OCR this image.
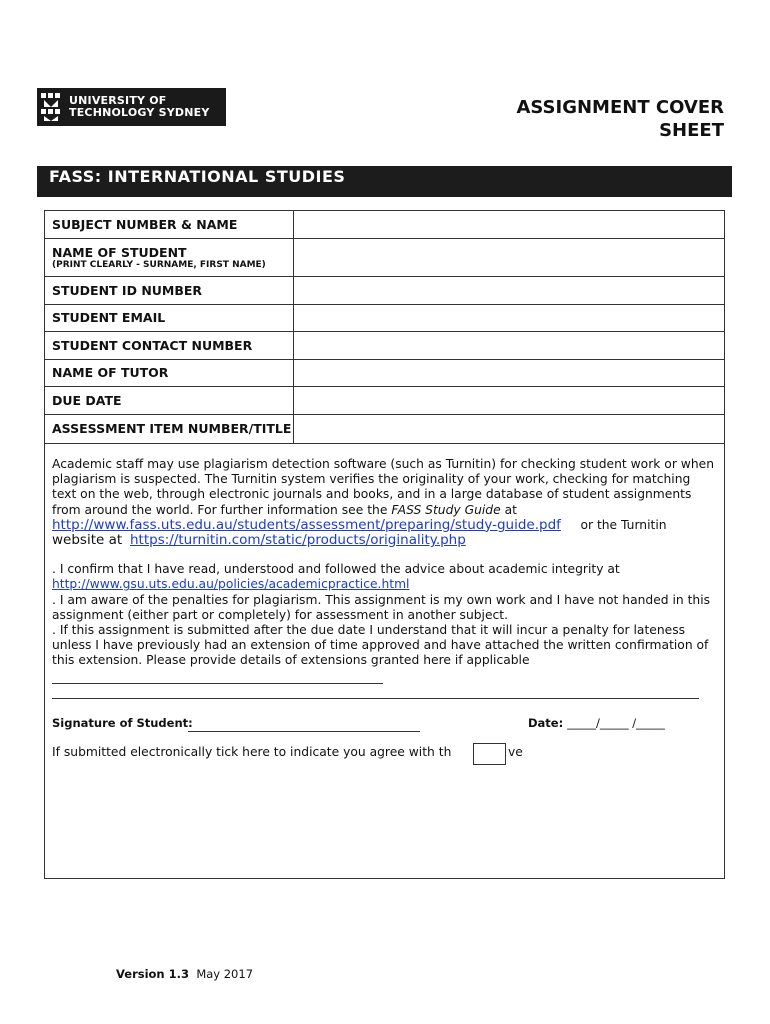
UNIVERSITY OF
TECHNOLOGY SYDNEY	ASSIGNMENT COVER
SHEET
FASS: INTERNATIONAL STUDIES
SUBJECT NUMBER & NAME	
NAME OF STUDENT
(PRINT CLEARLY - SURNAME, FIRST NAME)	

STUDENT ID NUMBER	
STUDENT EMAIL	
STUDENT CONTACT NUMBER	
NAME OF TUTOR	
DUE DATE	
ASSESSMENT ITEM NUMBER/TITLE	

Academic staff may use plagiarism detection software (such as Turnitin) for checking student work or when plagiarism is suspected. The Turnitin system verifies the originality of your work, checking for matching text on the web, through electronic journals and books, and in a large database of student assignments from around the world. For further information see the FASS Study Guide at
http://www.fass.uts.edu.au/students/assessment/preparing/study-guide.pdf or the Turnitin
website at https://turnitin.com/static/products/originality.php

. I confirm that I have read, understood and followed the advice about academic integrity at
http://www.gsu.uts.edu.au/policies/academicpractice.html

. I am aware of the penalties for plagiarism. This assignment is my own work and I have not handed in this   assignment (either part or completely) for assessment in another subject.

. If this assignment is submitted after the due date I understand that it will incur a penalty for lateness unless I have previously had an extension of time approved and have attached the written confirmation of this extension. Please provide details of extensions granted here if applicable

Signature of Student:	Date: _____/_____ /_____
If submitted electronically tick here to indicate you agree with th	ve
Version 1.3 May 2017
